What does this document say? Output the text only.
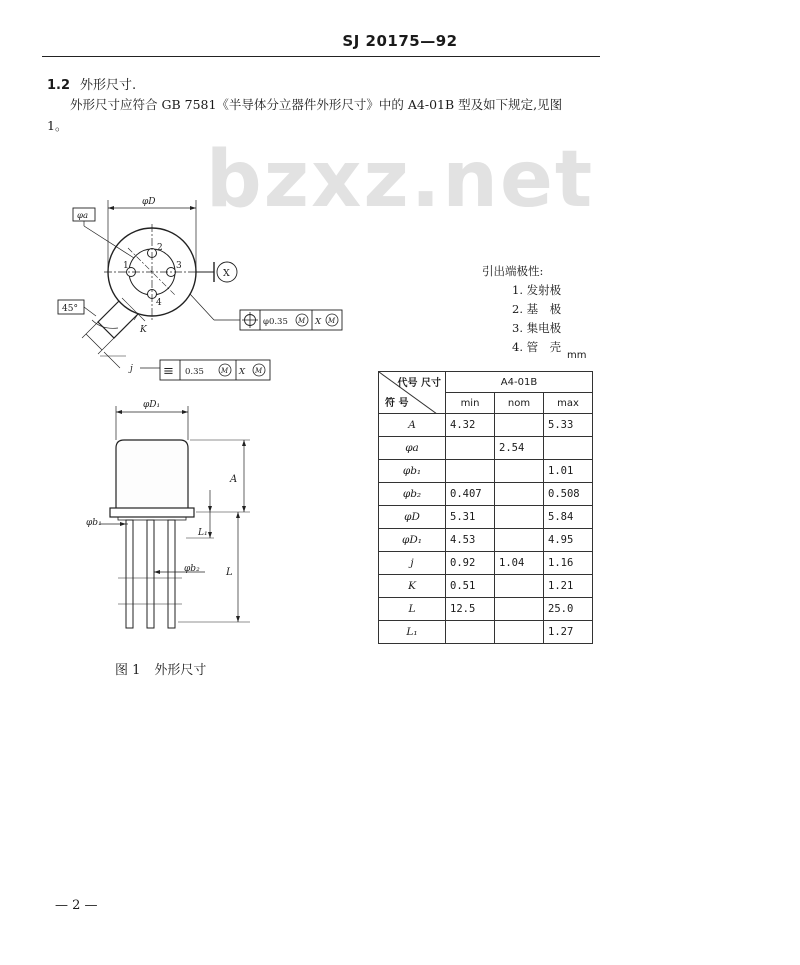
SJ 20175—92
1.2 外形尺寸.
外形尺寸应符合 GB 7581《半导体分立器件外形尺寸》中的 A4-01B 型及如下规定,见图
1。
bzxz.net
1
2
3
4
φD
φa
X
45°
K
j
φ0.35 M X M
≡ 0.35 M X M
φD₁
A
L₁
L
φb₁
φb₂
图 1 外形尺寸
引出端极性:
1. 发射极
2. 基　极
3. 集电极
4. 管　壳
mm
代号 尺寸
符 号	A4-01B		
	min	nom	max
A	4.32		5.33
φa		2.54	
φb₁			1.01
φb₂	0.407		0.508
φD	5.31		5.84
φD₁	4.53		4.95
j	0.92	1.04	1.16
K	0.51		1.21
L	12.5		25.0
L₁			1.27
— 2 —
